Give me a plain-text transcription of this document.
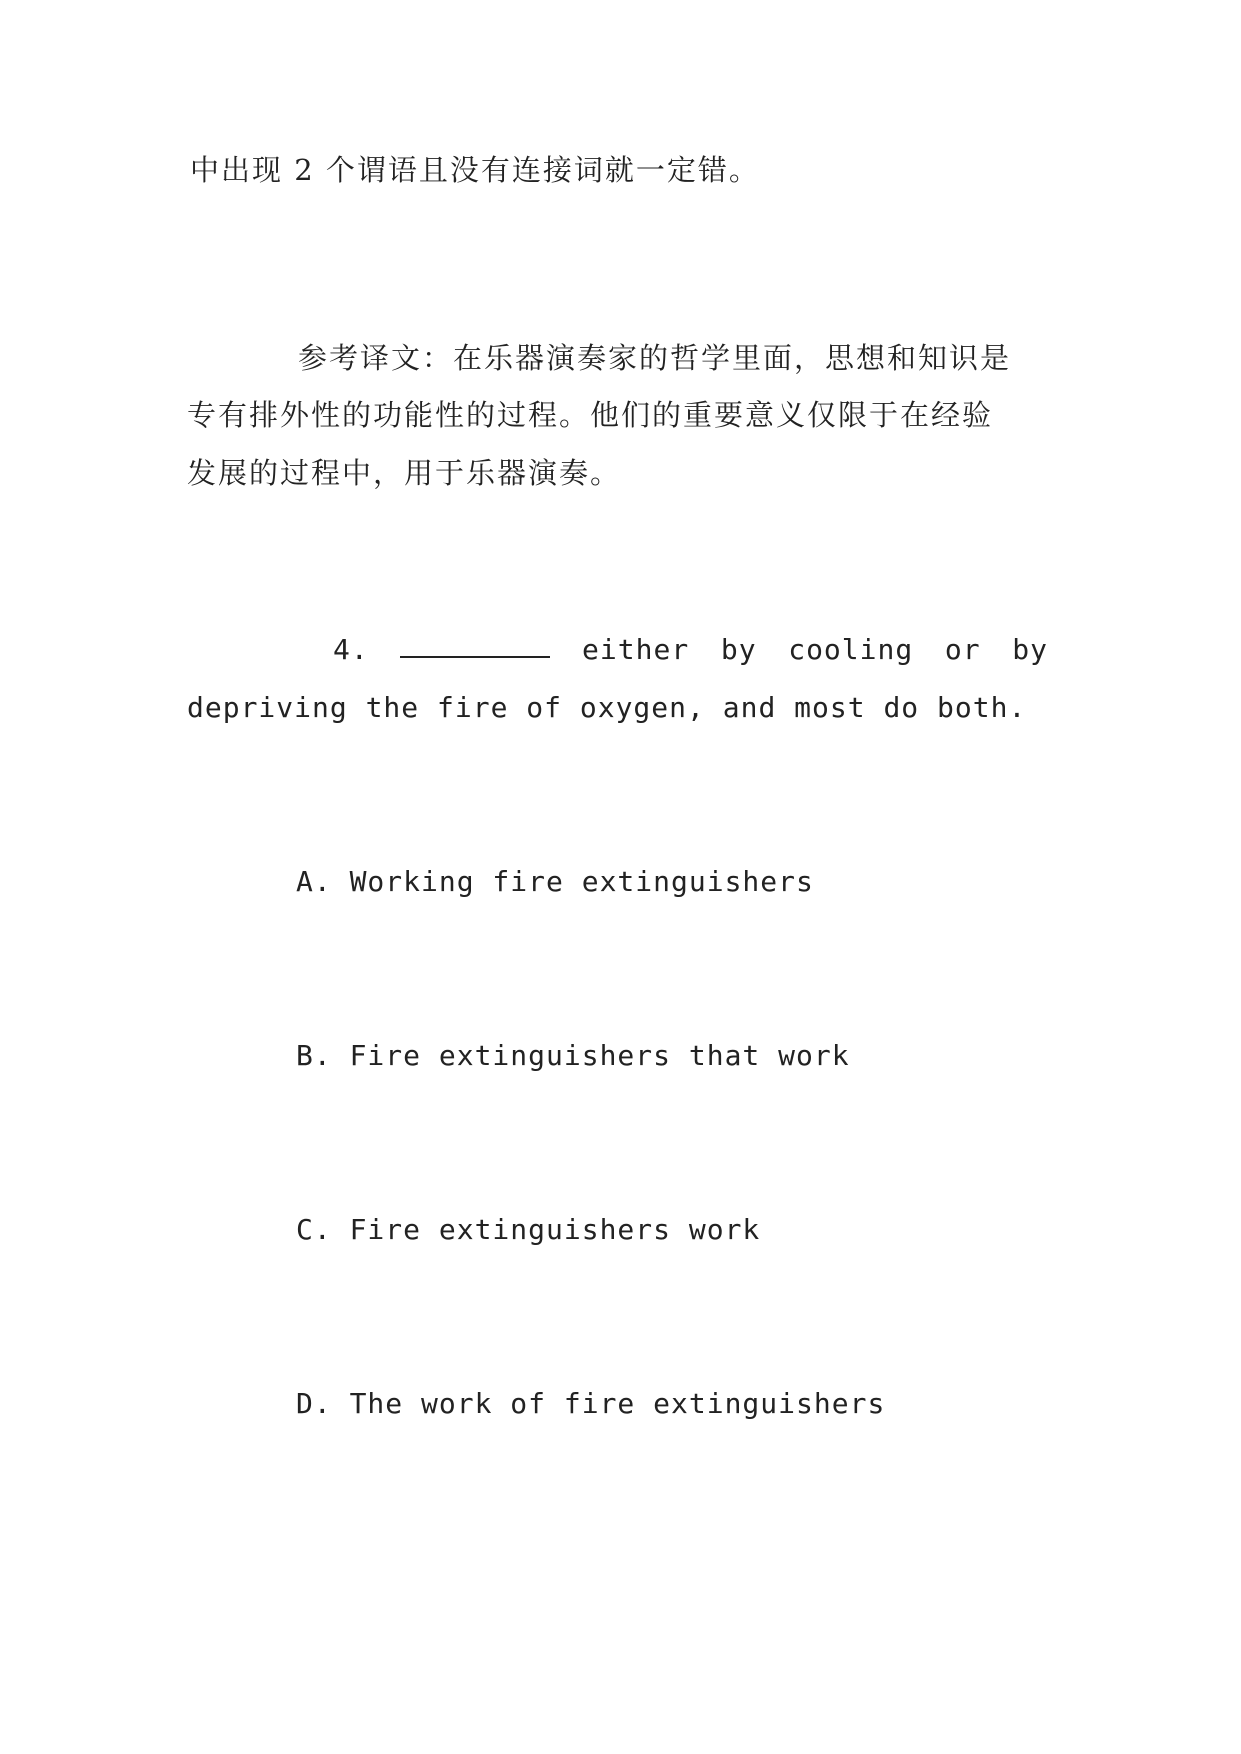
中出现 2 个谓语且没有连接词就一定错。
参考译文：在乐器演奏家的哲学里面，思想和知识是
专有排外性的功能性的过程。他们的重要意义仅限于在经验
发展的过程中，用于乐器演奏。
4.	either by cooling or by
depriving the fire of oxygen, and most do both.
A. Working fire extinguishers
B. Fire extinguishers that work
C. Fire extinguishers work
D. The work of fire extinguishers
